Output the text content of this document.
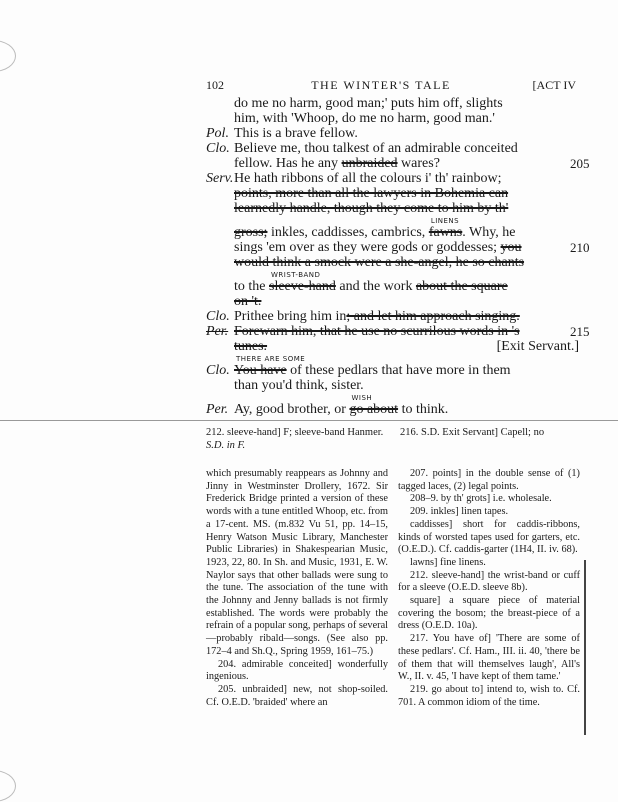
102	THE WINTER'S TALE	[ACT IV
do me no harm, good man;' puts him off, slights
him, with 'Whoop, do me no harm, good man.'
Pol. This is a brave fellow.
Clo. Believe me, thou talkest of an admirable conceited
fellow. Has he any unbraided wares?	205
Serv. He hath ribbons of all the colours i' th' rainbow;
points, more than all the lawyers in Bohemia can
learnedly handle, though they come to him by th'
gross; inkles, caddisses, cambrics, fawns
LINENS
. Why, he
sings 'em over as they were gods or goddesses; you	210
would think a smock were a she-angel, he so chants
to the sleeve-hand
WRIST-BAND
and the work about the square
on 't.
Clo. Prithee bring him in; and let him approach singing.
Per. Forewarn him, that he use no scurrilous words in 's	215
tunes.	[Exit Servant.]
Clo. You have
THERE ARE SOME
of these pedlars that have more in them
than you'd think, sister.
Per. Ay, good brother, or go about
WISH
to think.
212. sleeve-hand] F; sleeve-band Hanmer.
S.D. in F.
216. S.D. Exit Servant] Capell; no

which presumably reappears as Johnny and Jinny in Westminster Drollery, 1672. Sir Frederick Bridge printed a version of these words with a tune entitled Whoop, etc. from a 17-cent. MS. (m.832 Vu 51, pp. 14–15, Henry Watson Music Library, Manchester Public Libraries) in Shakespearian Music, 1923, 22, 80. In Sh. and Music, 1931, E. W. Naylor says that other ballads were sung to the tune. The association of the tune with the Johnny and Jenny ballads is not firmly established. The words were probably the refrain of a popular song, perhaps of several—probably ribald—songs. (See also pp. 172–4 and Sh.Q., Spring 1959, 161–75.)

204. admirable conceited] wonderfully ingenious.

205. unbraided] new, not shop-soiled. Cf. O.E.D. 'braided' where an

207. points] in the double sense of (1) tagged laces, (2) legal points.

208–9. by th' grots] i.e. wholesale.

209. inkles] linen tapes.

caddisses] short for caddis-ribbons, kinds of worsted tapes used for garters, etc. (O.E.D.). Cf. caddis-garter (1H4, II. iv. 68).

lawns] fine linens.

212. sleeve-hand] the wrist-band or cuff for a sleeve (O.E.D. sleeve 8b).

square] a square piece of material covering the bosom; the breast-piece of a dress (O.E.D. 10a).

217. You have of] 'There are some of these pedlars'. Cf. Ham., III. ii. 40, 'there be of them that will themselves laugh', All's W., II. v. 45, 'I have kept of them tame.'

219. go about to] intend to, wish to. Cf. 701. A common idiom of the time.
